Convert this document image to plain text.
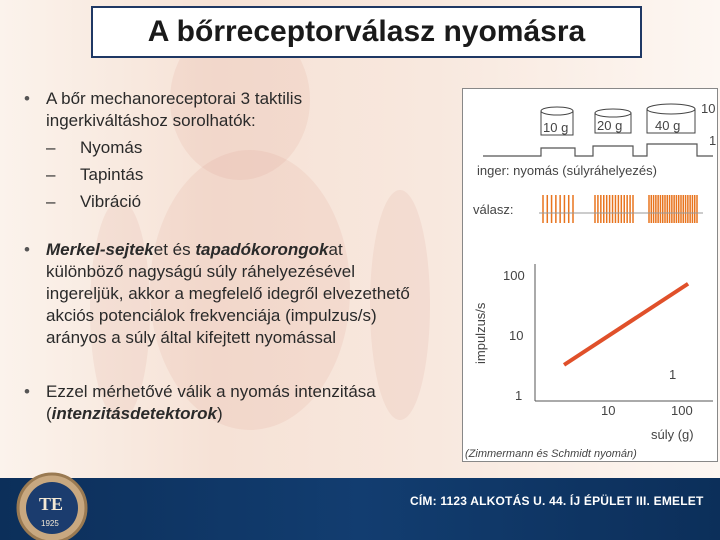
A bőrreceptorválasz nyomásra
• A bőr mechanoreceptorai 3 taktilis
ingerkiváltáshoz sorolhatók:
– Nyomás
– Tapintás
– Vibráció
• Merkel-sejteket és tapadókorongokat
különböző nagyságú súly ráhelyezésével
ingereljük, akkor a megfelelő idegről elvezethető
akciós potenciálok frekvenciája (impulzus/s)
arányos a súly által kifejtett nyomással
• Ezzel mérhetővé válik a nyomás intenzitása
(intenzitásdetektorok)
10 g 20 g	40 g
10
1
inger: nyomás (súlyráhelyezés)
válasz:
impulzus/s
100
10
1
10	100
1
súly (g)
(Zimmermann és Schmidt nyomán)
CÍM: 1123 ALKOTÁS U. 44. ÍJ ÉPÜLET III. EMELET
TE
1925
